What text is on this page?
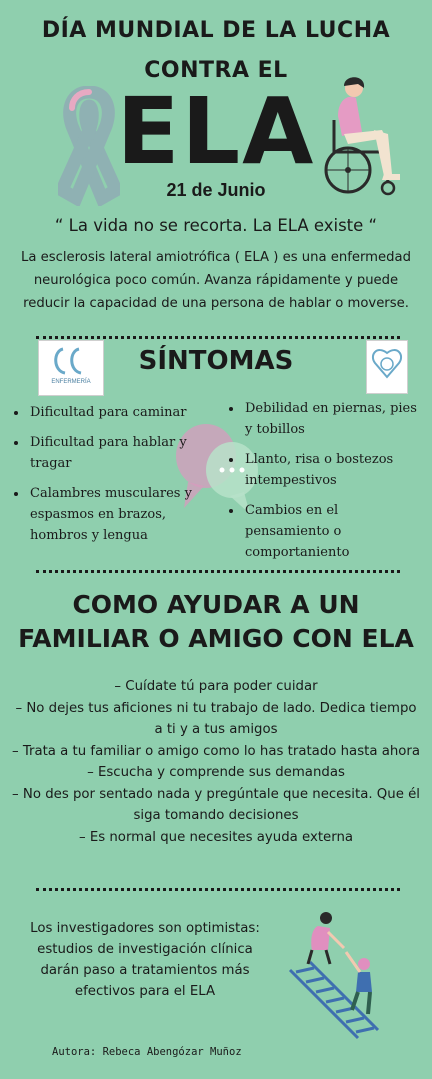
DÍA MUNDIAL DE LA LUCHA
CONTRA EL
ELA
21 de Junio
“ La vida no se recorta. La ELA existe “
La esclerosis lateral amiotrófica ( ELA ) es una enfermedad neurológica poco común. Avanza rápidamente y puede reducir la capacidad de una persona de hablar o moverse.
ENFERMERÍA
SÍNTOMAS
• Dificultad para caminar
• Dificultad para hablar y tragar
• Calambres musculares y espasmos en brazos, hombros y lengua
• Debilidad en piernas, pies y tobillos
• Llanto, risa o bostezos intempestivos
• Cambios en el pensamiento o comportaniento
COMO AYUDAR A UN
FAMILIAR O AMIGO CON ELA
– Cuídate tú para poder cuidar
– No dejes tus aficiones ni tu trabajo de lado. Dedica tiempo a ti y a tus amigos
– Trata a tu familiar o amigo como lo has tratado hasta ahora
– Escucha y comprende sus demandas
– No des por sentado nada y pregúntale que necesita. Que él siga tomando decisiones
– Es normal que necesites ayuda externa
Los investigadores son optimistas: estudios de investigación clínica darán paso a tratamientos más efectivos para el ELA
Autora: Rebeca Abengózar Muñoz
